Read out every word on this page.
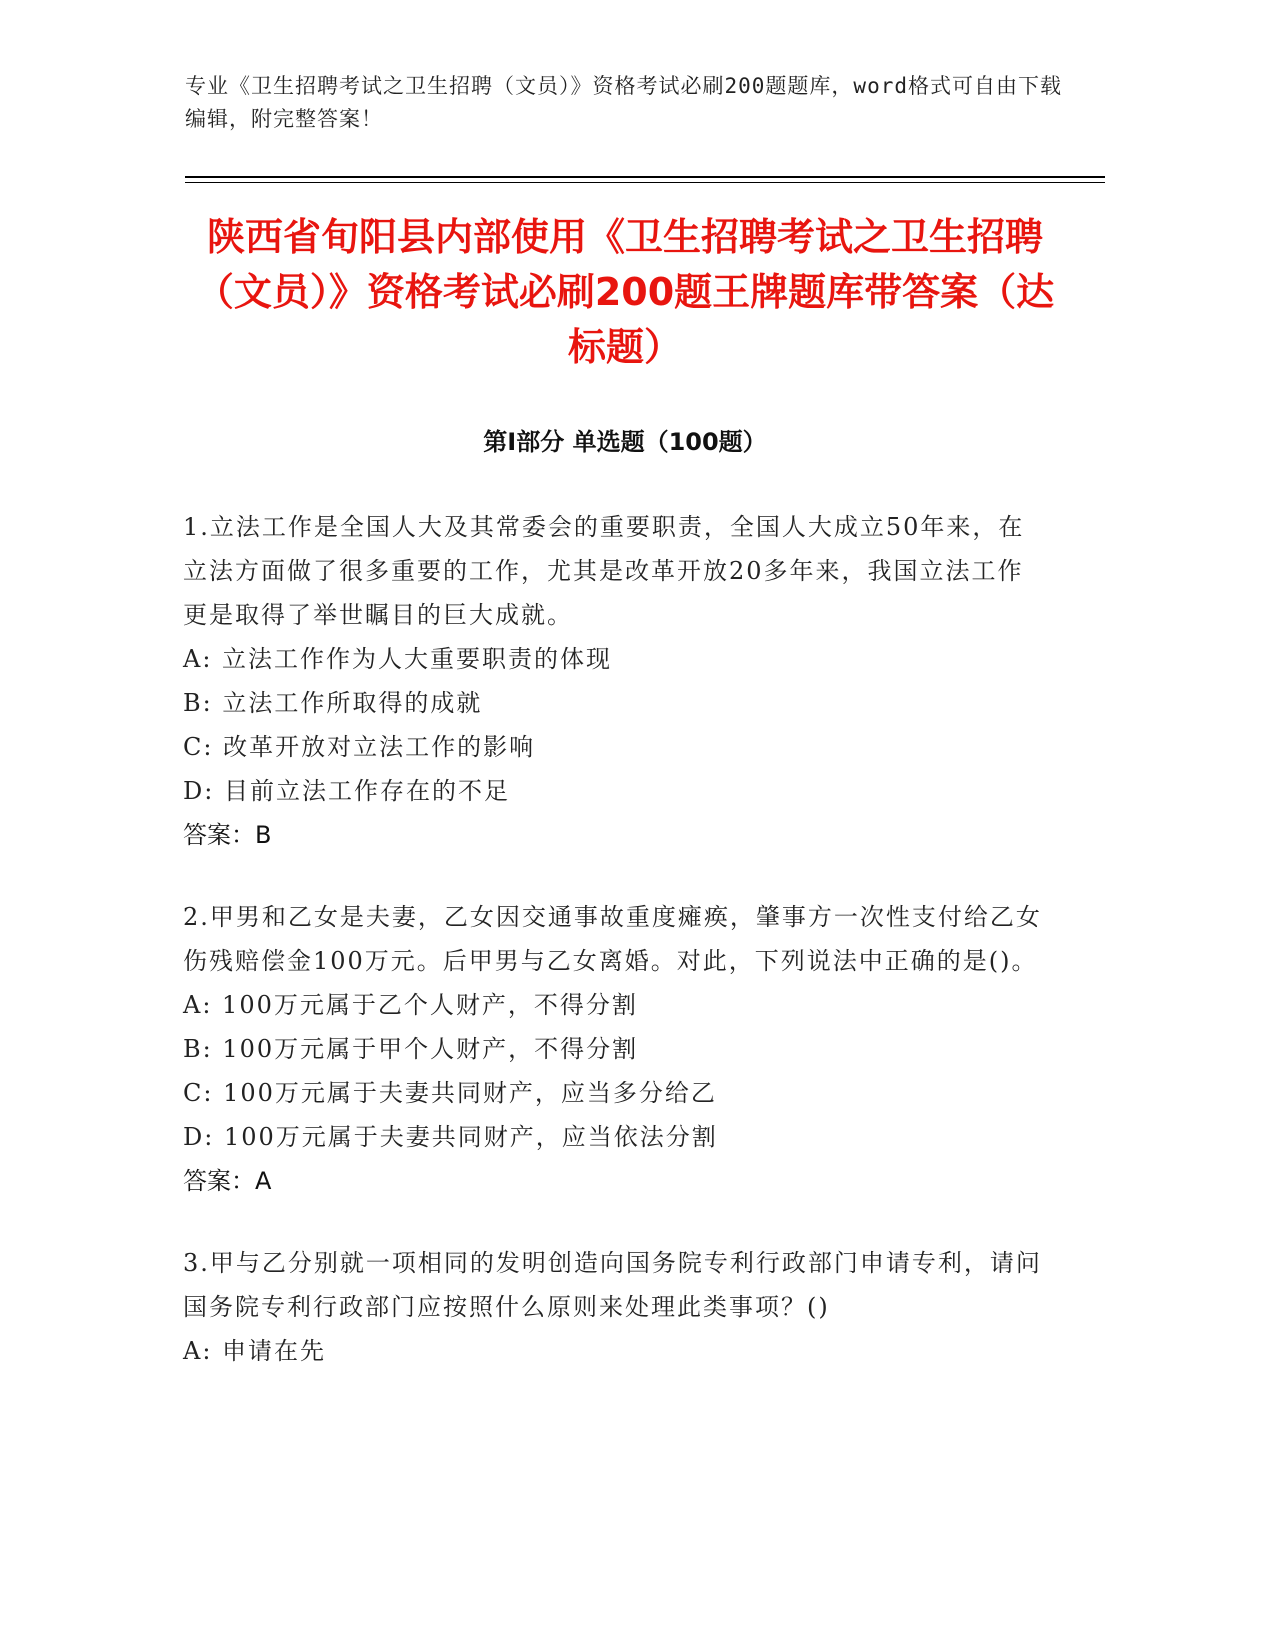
专业《卫生招聘考试之卫生招聘（文员）》资格考试必刷200题题库，word格式可自由下载编辑，附完整答案！
陕西省旬阳县内部使用《卫生招聘考试之卫生招聘（文员）》资格考试必刷200题王牌题库带答案（达标题）
第Ⅰ部分 单选题（100题）

1.立法工作是全国人大及其常委会的重要职责，全国人大成立50年来，在立法方面做了很多重要的工作，尤其是改革开放20多年来，我国立法工作更是取得了举世瞩目的巨大成就。

A: 立法工作作为人大重要职责的体现

B: 立法工作所取得的成就

C: 改革开放对立法工作的影响

D: 目前立法工作存在的不足

答案：B

2.甲男和乙女是夫妻，乙女因交通事故重度瘫痪，肇事方一次性支付给乙女伤残赔偿金100万元。后甲男与乙女离婚。对此，下列说法中正确的是()。

A: 100万元属于乙个人财产，不得分割

B: 100万元属于甲个人财产，不得分割

C: 100万元属于夫妻共同财产，应当多分给乙

D: 100万元属于夫妻共同财产，应当依法分割

答案：A

3.甲与乙分别就一项相同的发明创造向国务院专利行政部门申请专利，请问国务院专利行政部门应按照什么原则来处理此类事项？()

A: 申请在先
